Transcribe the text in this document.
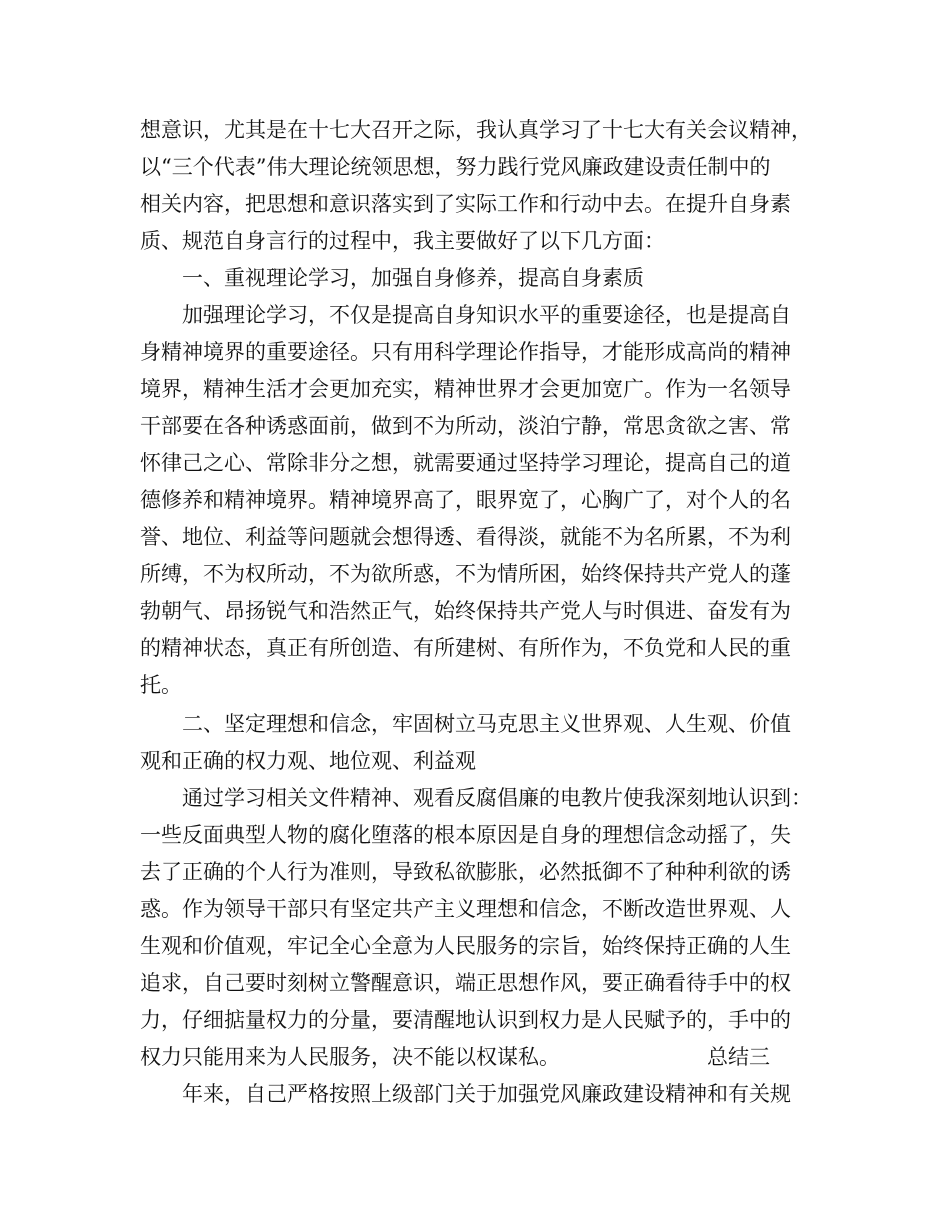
想意识，尤其是在十七大召开之际，我认真学习了十七大有关会议精神，
以“三个代表”伟大理论统领思想，努力践行党风廉政建设责任制中的
相关内容，把思想和意识落实到了实际工作和行动中去。在提升自身素
质、规范自身言行的过程中，我主要做好了以下几方面：
一、重视理论学习，加强自身修养，提高自身素质
加强理论学习，不仅是提高自身知识水平的重要途径，也是提高自
身精神境界的重要途径。只有用科学理论作指导，才能形成高尚的精神
境界，精神生活才会更加充实，精神世界才会更加宽广。作为一名领导
干部要在各种诱惑面前，做到不为所动，淡泊宁静，常思贪欲之害、常
怀律己之心、常除非分之想，就需要通过坚持学习理论，提高自己的道
德修养和精神境界。精神境界高了，眼界宽了，心胸广了，对个人的名
誉、地位、利益等问题就会想得透、看得淡，就能不为名所累，不为利
所缚，不为权所动，不为欲所惑，不为情所困，始终保持共产党人的蓬
勃朝气、昂扬锐气和浩然正气，始终保持共产党人与时俱进、奋发有为
的精神状态，真正有所创造、有所建树、有所作为，不负党和人民的重
托。
二、坚定理想和信念，牢固树立马克思主义世界观、人生观、价值
观和正确的权力观、地位观、利益观
通过学习相关文件精神、观看反腐倡廉的电教片使我深刻地认识到：
一些反面典型人物的腐化堕落的根本原因是自身的理想信念动摇了，失
去了正确的个人行为准则，导致私欲膨胀，必然抵御不了种种利欲的诱
惑。作为领导干部只有坚定共产主义理想和信念，不断改造世界观、人
生观和价值观，牢记全心全意为人民服务的宗旨，始终保持正确的人生
追求，自己要时刻树立警醒意识，端正思想作风，要正确看待手中的权
力，仔细掂量权力的分量，要清醒地认识到权力是人民赋予的，手中的
权力只能用来为人民服务，决不能以权谋私。	总结三
年来，自己严格按照上级部门关于加强党风廉政建设精神和有关规
